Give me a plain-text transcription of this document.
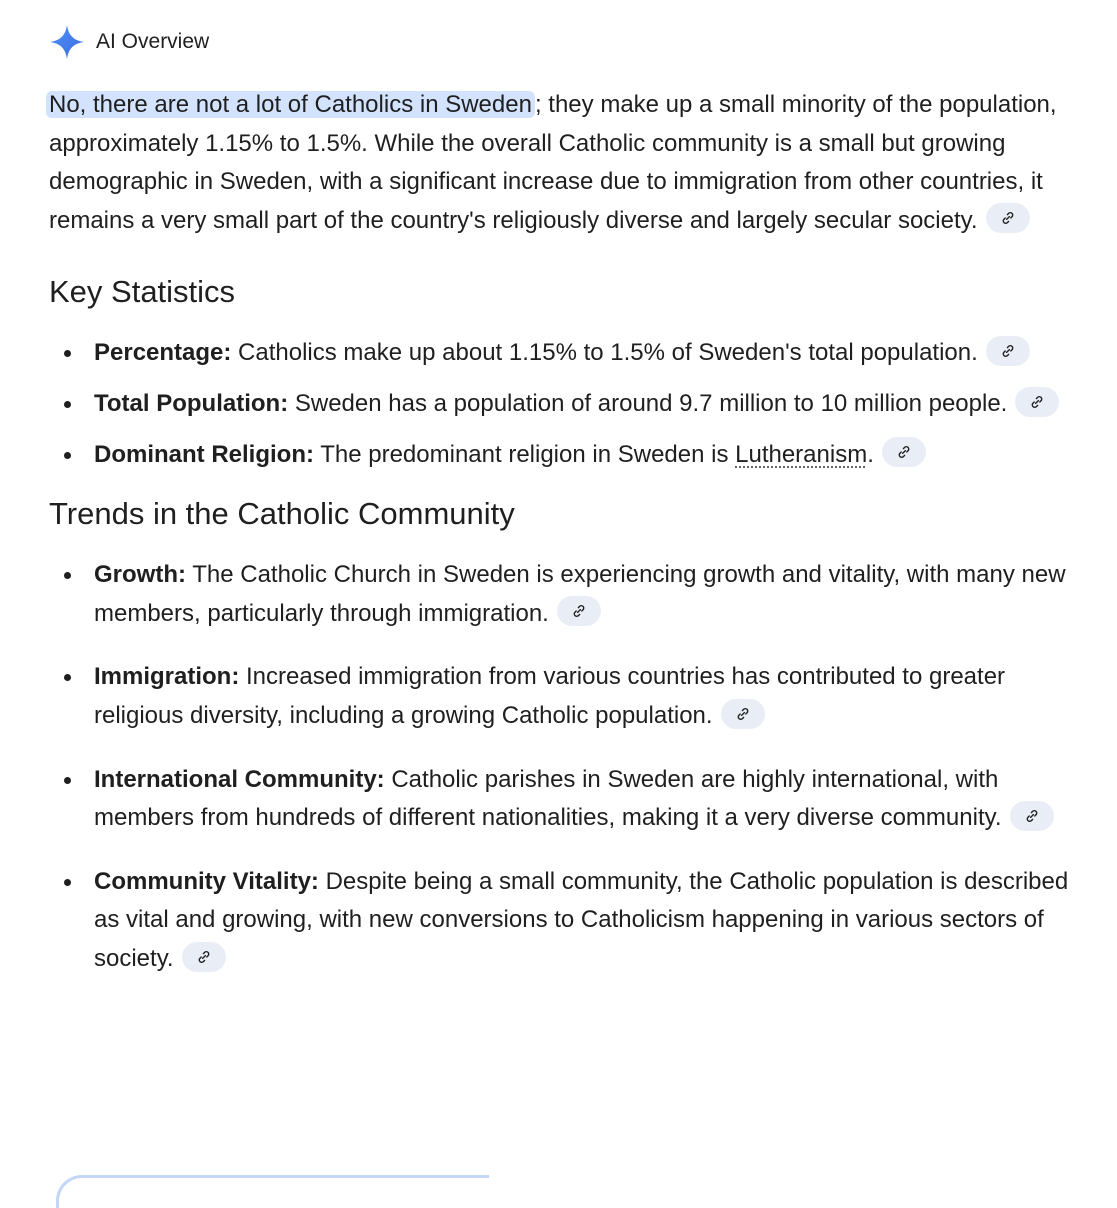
AI Overview

No, there are not a lot of Catholics in Sweden ; they make up a small minority of the population, approximately 1.15% to 1.5%. While the overall Catholic community is a small but growing demographic in Sweden, with a significant increase due to immigration from other countries, it remains a very small part of the country's religiously diverse and largely secular society.

Key Statistics
Percentage: Catholics make up about 1.15% to 1.5% of Sweden's total population.
Total Population: Sweden has a population of around 9.7 million to 10 million people.
Dominant Religion: The predominant religion in Sweden is Lutheranism.
Trends in the Catholic Community
Growth: The Catholic Church in Sweden is experiencing growth and vitality, with many new members, particularly through immigration.
Immigration: Increased immigration from various countries has contributed to greater religious diversity, including a growing Catholic population.
International Community: Catholic parishes in Sweden are highly international, with members from hundreds of different nationalities, making it a very diverse community.
Community Vitality: Despite being a small community, the Catholic population is described as vital and growing, with new conversions to Catholicism happening in various sectors of society.
